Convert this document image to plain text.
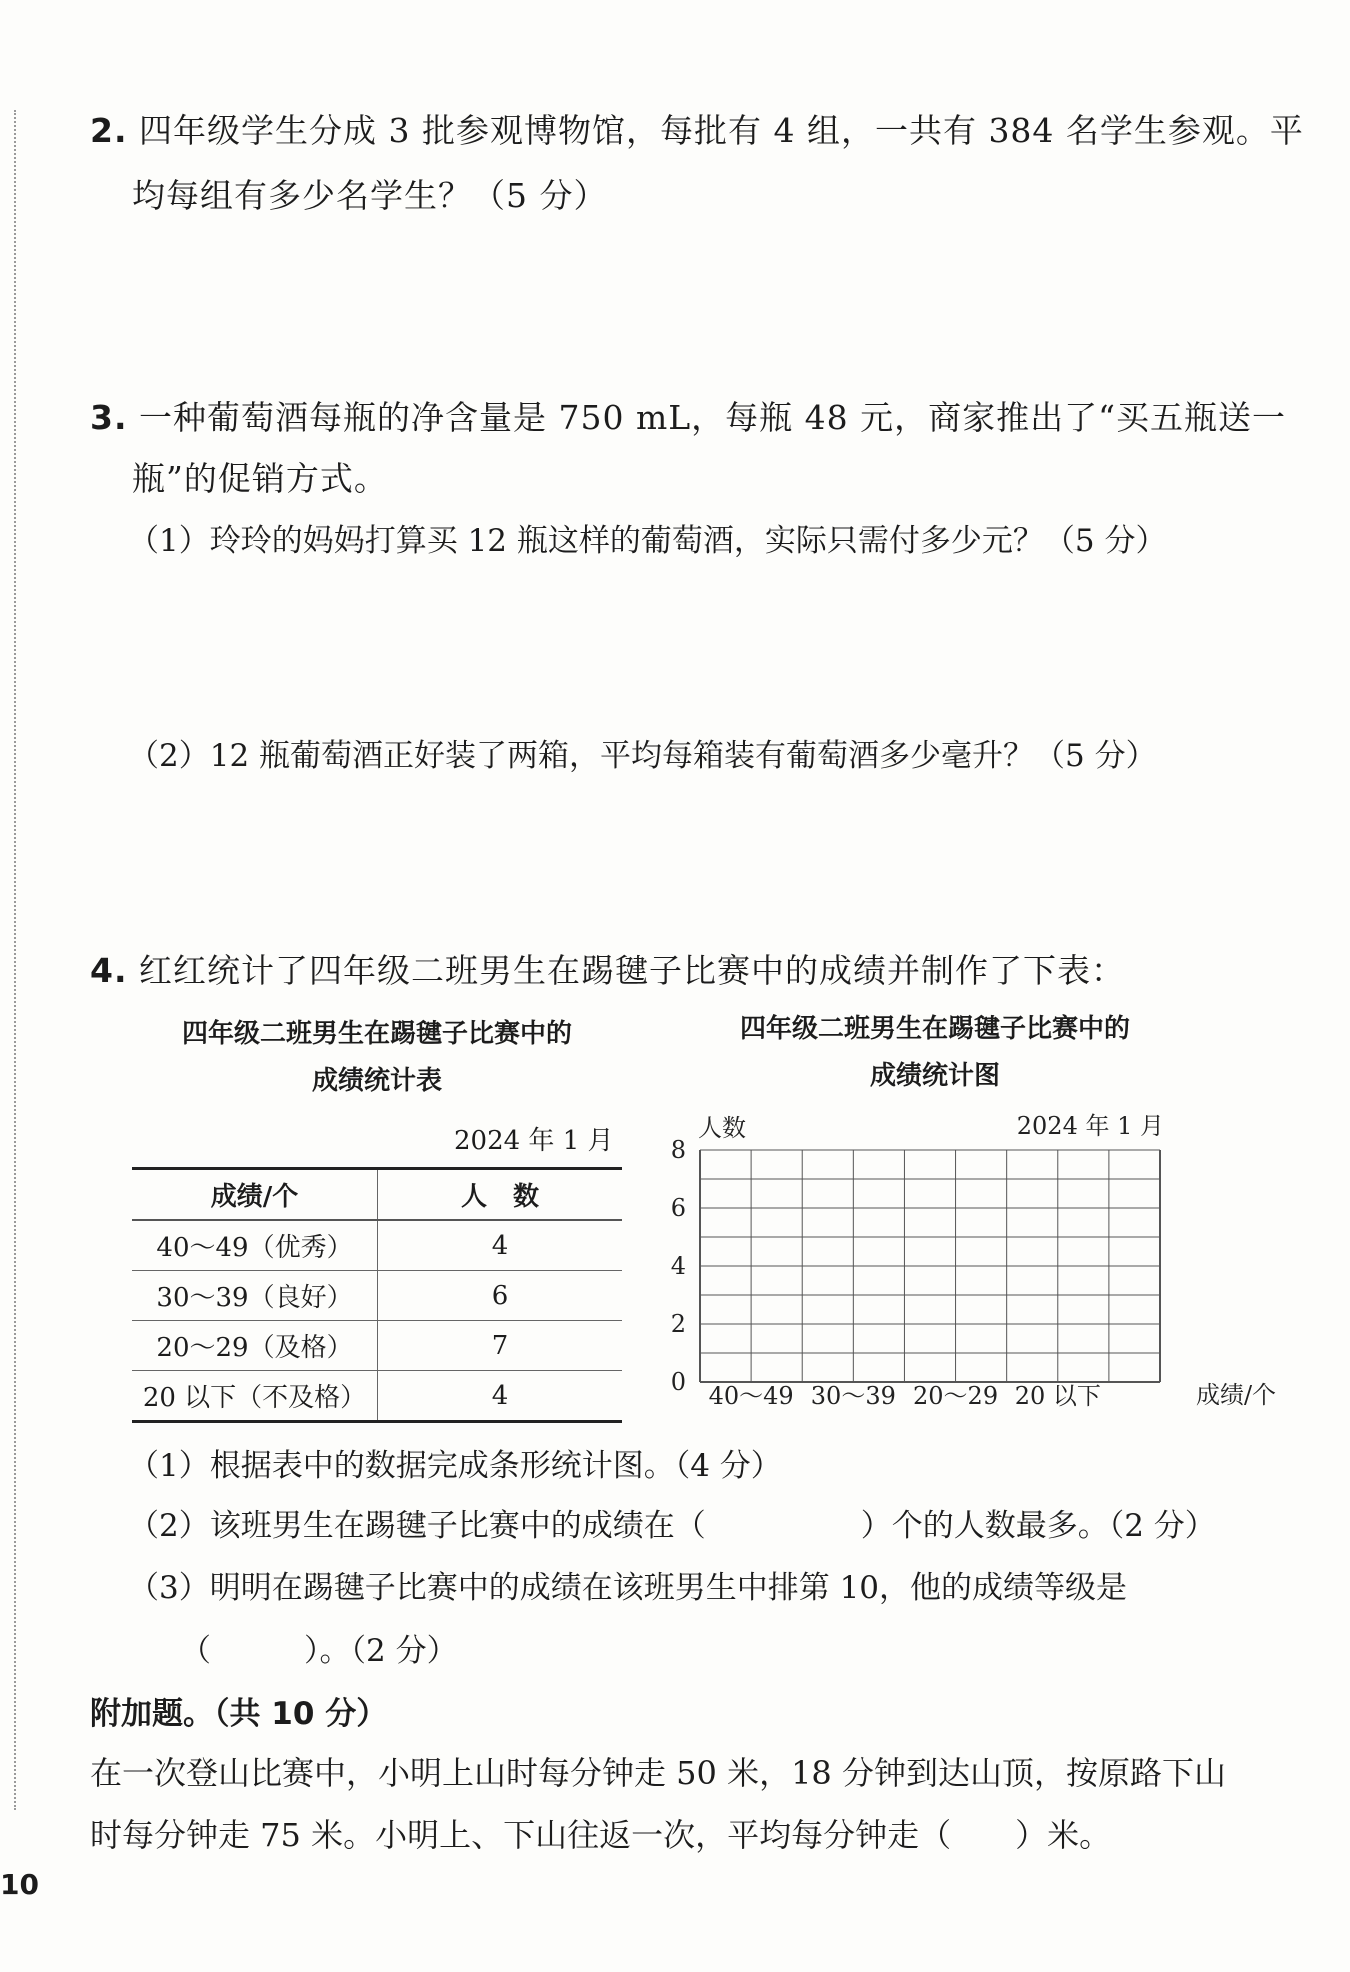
2. 四年级学生分成 3 批参观博物馆，每批有 4 组，一共有 384 名学生参观。平
均每组有多少名学生？（5 分）
3. 一种葡萄酒每瓶的净含量是 750 mL，每瓶 48 元，商家推出了“买五瓶送一
瓶”的促销方式。
（1）玲玲的妈妈打算买 12 瓶这样的葡萄酒，实际只需付多少元？（5 分）
（2）12 瓶葡萄酒正好装了两箱，平均每箱装有葡萄酒多少毫升？（5 分）
4. 红红统计了四年级二班男生在踢毽子比赛中的成绩并制作了下表：
四年级二班男生在踢毽子比赛中的
成绩统计表
2024 年 1 月
成绩/个	人　数
40～49（优秀）	4
30～39（良好）	6
20～29（及格）	7
20 以下（不及格）	4
四年级二班男生在踢毽子比赛中的
成绩统计图
人数	2024 年 1 月
0
2
4
6
8
40～49 30～39 20～29 20 以下	成绩/个
（1）根据表中的数据完成条形统计图。（4 分）
（2）该班男生在踢毽子比赛中的成绩在（　　　　　）个的人数最多。（2 分）
（3）明明在踢毽子比赛中的成绩在该班男生中排第 10，他的成绩等级是
（　　　）。（2 分）
附加题。（共 10 分）
在一次登山比赛中，小明上山时每分钟走 50 米，18 分钟到达山顶，按原路下山
时每分钟走 75 米。小明上、下山往返一次，平均每分钟走（　　）米。
10
